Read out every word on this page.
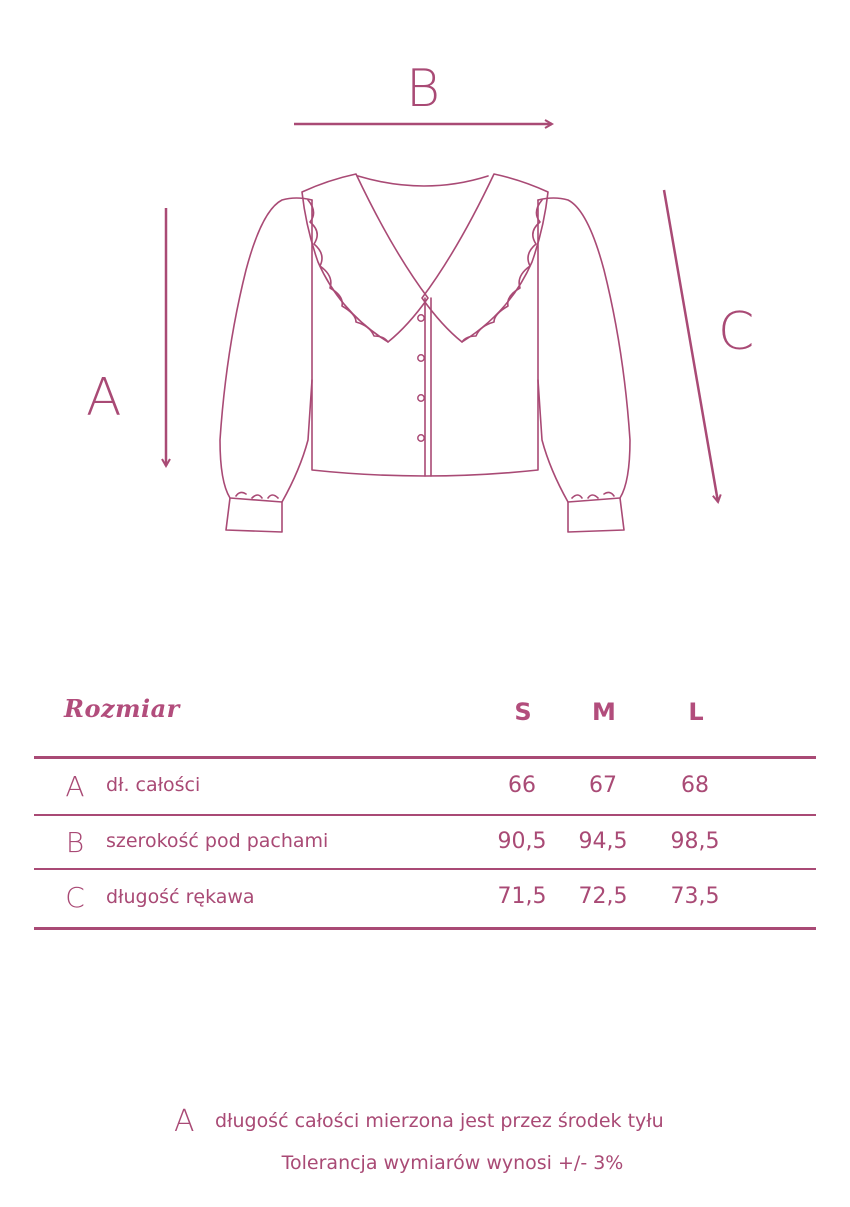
B
A
C
Rozmiar	S	M	L
A dł. całości	66	67	68
B	szerokość pod pachami	90,5	94,5	98,5
C długość rękawa	71,5	72,5	73,5
A długość całości mierzona jest przez środek tyłu
Tolerancja wymiarów wynosi +/- 3%
